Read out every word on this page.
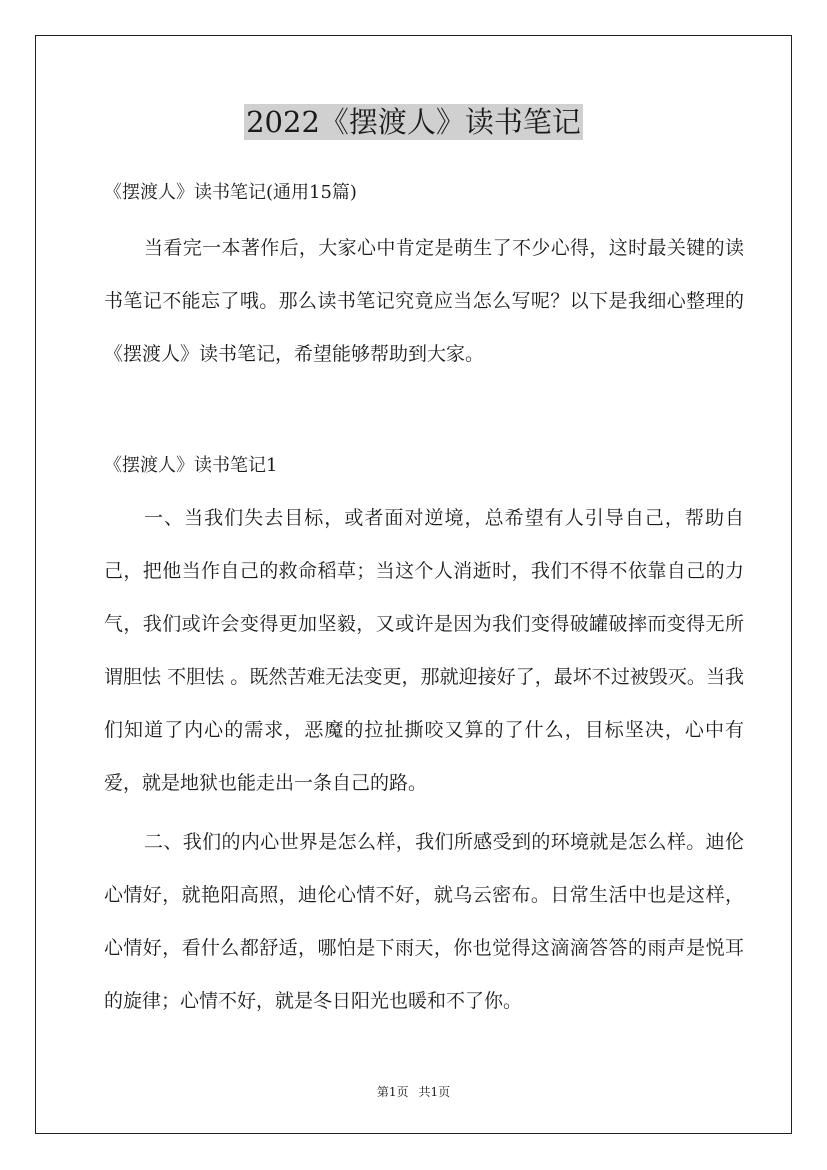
2022《摆渡人》读书笔记
《摆渡人》读书笔记(通用15篇)
当看完一本著作后，大家心中肯定是萌生了不少心得，这时最关键的读书笔记不能忘了哦。那么读书笔记究竟应当怎么写呢？以下是我细心整理的《摆渡人》读书笔记，希望能够帮助到大家。
《摆渡人》读书笔记1
一、当我们失去目标，或者面对逆境，总希望有人引导自己，帮助自己，把他当作自己的救命稻草；当这个人消逝时，我们不得不依靠自己的力气，我们或许会变得更加坚毅，又或许是因为我们变得破罐破摔而变得无所谓胆怯 不胆怯 。既然苦难无法变更，那就迎接好了，最坏不过被毁灭。当我们知道了内心的需求，恶魔的拉扯撕咬又算的了什么，目标坚决，心中有爱，就是地狱也能走出一条自己的路。
二、我们的内心世界是怎么样，我们所感受到的环境就是怎么样。迪伦心情好，就艳阳高照，迪伦心情不好，就乌云密布。日常生活中也是这样，心情好，看什么都舒适，哪怕是下雨天，你也觉得这滴滴答答的雨声是悦耳的旋律；心情不好，就是冬日阳光也暖和不了你。
第1页 共1页
